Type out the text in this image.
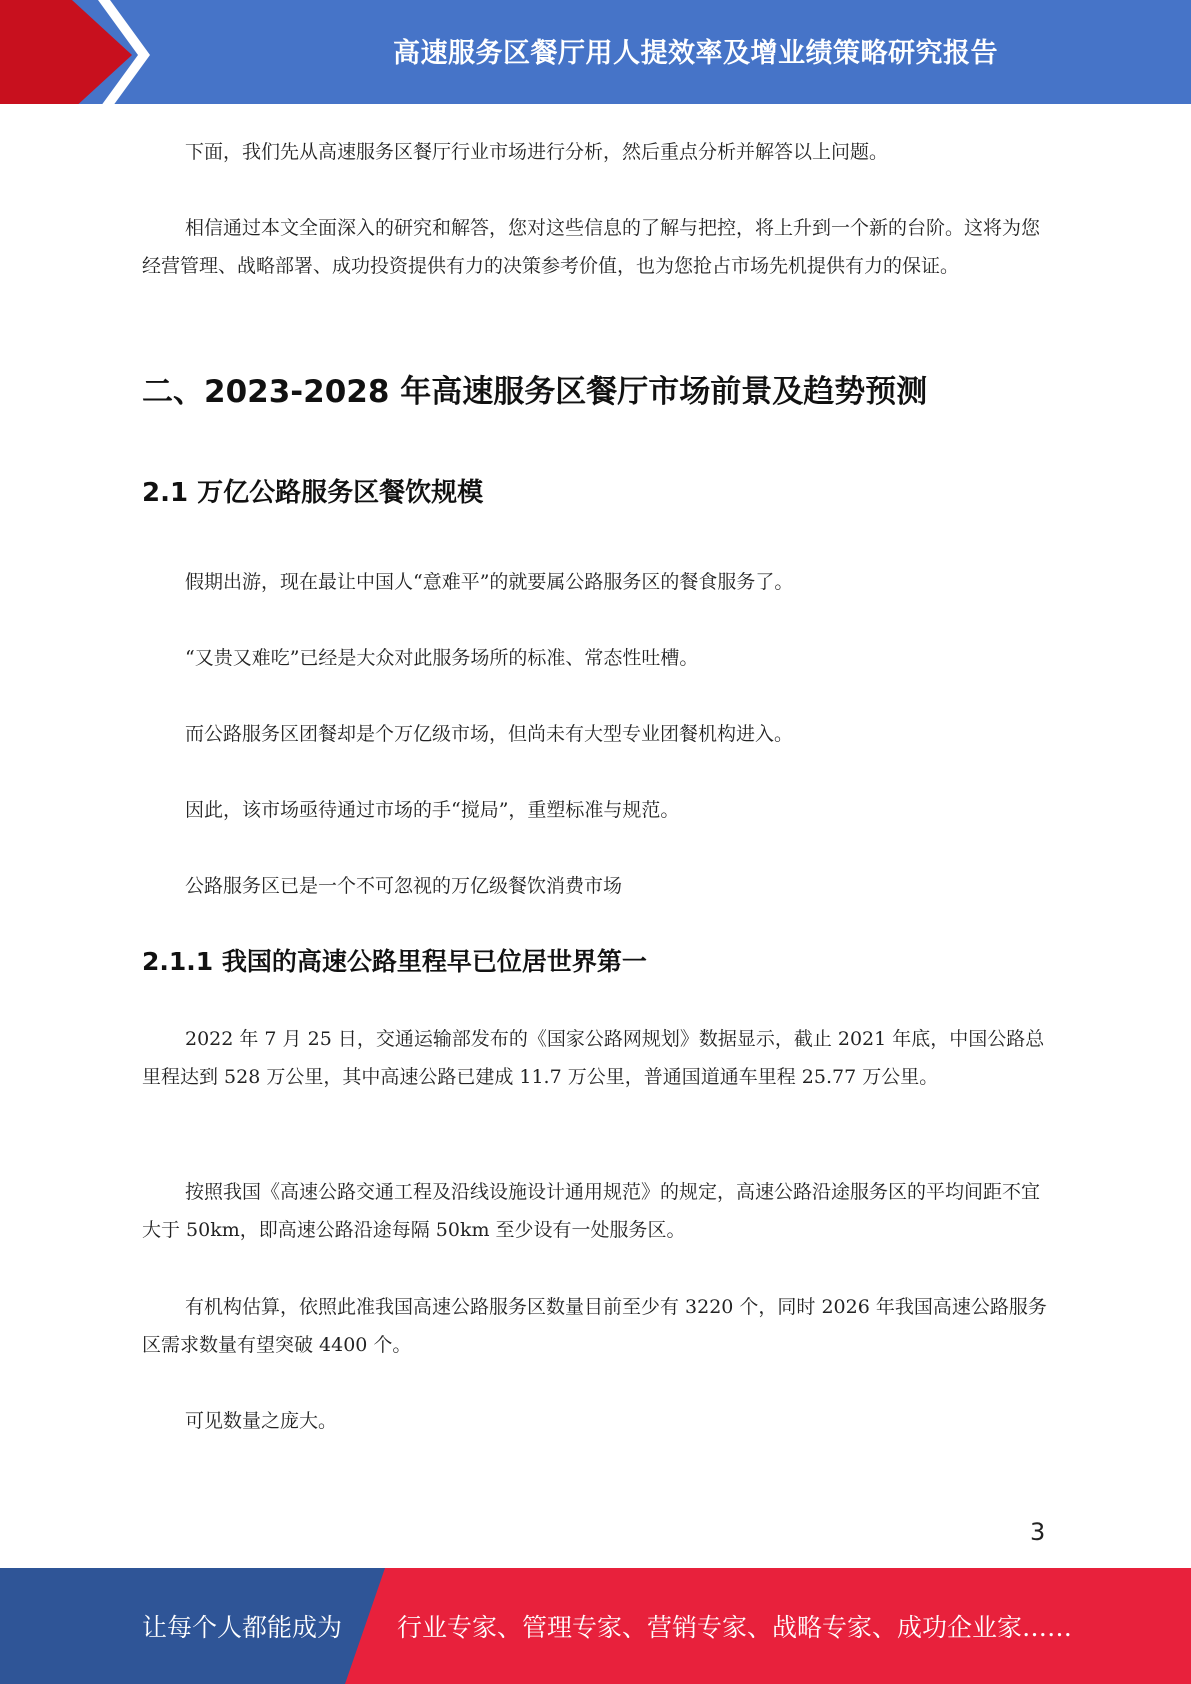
高速服务区餐厅用人提效率及增业绩策略研究报告

下面，我们先从高速服务区餐厅行业市场进行分析，然后重点分析并解答以上问题。

相信通过本文全面深入的研究和解答，您对这些信息的了解与把控，将上升到一个新的台阶。这将为您经营管理、战略部署、成功投资提供有力的决策参考价值，也为您抢占市场先机提供有力的保证。

二、2023-2028 年高速服务区餐厅市场前景及趋势预测
2.1 万亿公路服务区餐饮规模

假期出游，现在最让中国人“意难平”的就要属公路服务区的餐食服务了。

“又贵又难吃”已经是大众对此服务场所的标准、常态性吐槽。

而公路服务区团餐却是个万亿级市场，但尚未有大型专业团餐机构进入。

因此，该市场亟待通过市场的手“搅局”，重塑标准与规范。

公路服务区已是一个不可忽视的万亿级餐饮消费市场

2.1.1 我国的高速公路里程早已位居世界第一

2022 年 7 月 25 日，交通运输部发布的《国家公路网规划》数据显示，截止 2021 年底，中国公路总里程达到 528 万公里，其中高速公路已建成 11.7 万公里，普通国道通车里程 25.77 万公里。

按照我国《高速公路交通工程及沿线设施设计通用规范》的规定，高速公路沿途服务区的平均间距不宜大于 50km，即高速公路沿途每隔 50km 至少设有一处服务区。

有机构估算，依照此准我国高速公路服务区数量目前至少有 3220 个，同时 2026 年我国高速公路服务区需求数量有望突破 4400 个。

可见数量之庞大。

3
让每个人都能成为 行业专家、管理专家、营销专家、战略专家、成功企业家……
